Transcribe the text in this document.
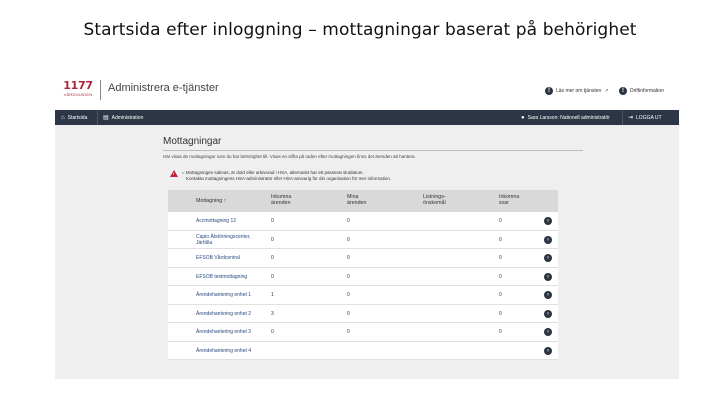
Startsida efter inloggning – mottagningar baserat på behörighet
1177
VÅRDGUIDEN
Administrera e-tjänster	!	Läs mer om tjänsten ↗	!	Driftinformation
⌂ Startsida	▤ Administration	● Sara Larsson: Nationell administratör	⇥ LOGGA UT
Mottagningar
Här visas de mottagningar som du har behörighet till. Visas en siffra på raden efter mottagningen finns det ärenden att hantera.
! = Mottagningen saknas, är dold eller arkiverad i HSA, alternativt har ett passerat slutdatum.
Kontakta mottagningens HSA-administratör eller HSA-ansvarig för din organisation för mer information.
Mottagning ↑
Inkomna
ärenden
Mina
ärenden
Listnings-
önskemål
Inkomna
svar
Accmottagning 12	0	0	0	›
Capio Ätstörningscenter,
Järfälla	0	0	0	›
EFSOB Vårdcentral	0	0	0	›
EFSOB testmottagning	0	0	0	›
Ärendehantering enhet 1	1	0	0	›
Ärendehantering enhet 2	3	0	0	›
Ärendehantering enhet 3	0	0	0	›
Ärendehantering enhet 4	›
